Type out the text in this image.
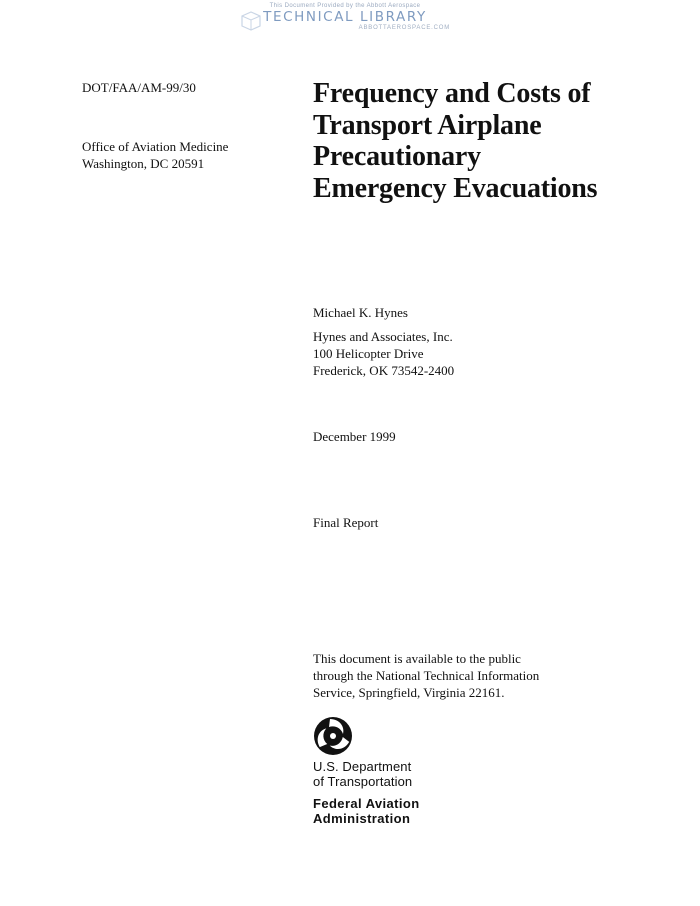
This Document Provided by the Abbott Aerospace
TECHNICAL LIBRARY
ABBOTTAEROSPACE.COM
DOT/FAA/AM-99/30
Office of Aviation Medicine
Washington, DC 20591
Frequency and Costs of
Transport Airplane
Precautionary
Emergency Evacuations
Michael K. Hynes
Hynes and Associates, Inc.
100 Helicopter Drive
Frederick, OK 73542-2400
December 1999
Final Report
This document is available to the public
through the National Technical Information
Service, Springfield, Virginia 22161.
U.S. Department
of Transportation
Federal Aviation
Administration
